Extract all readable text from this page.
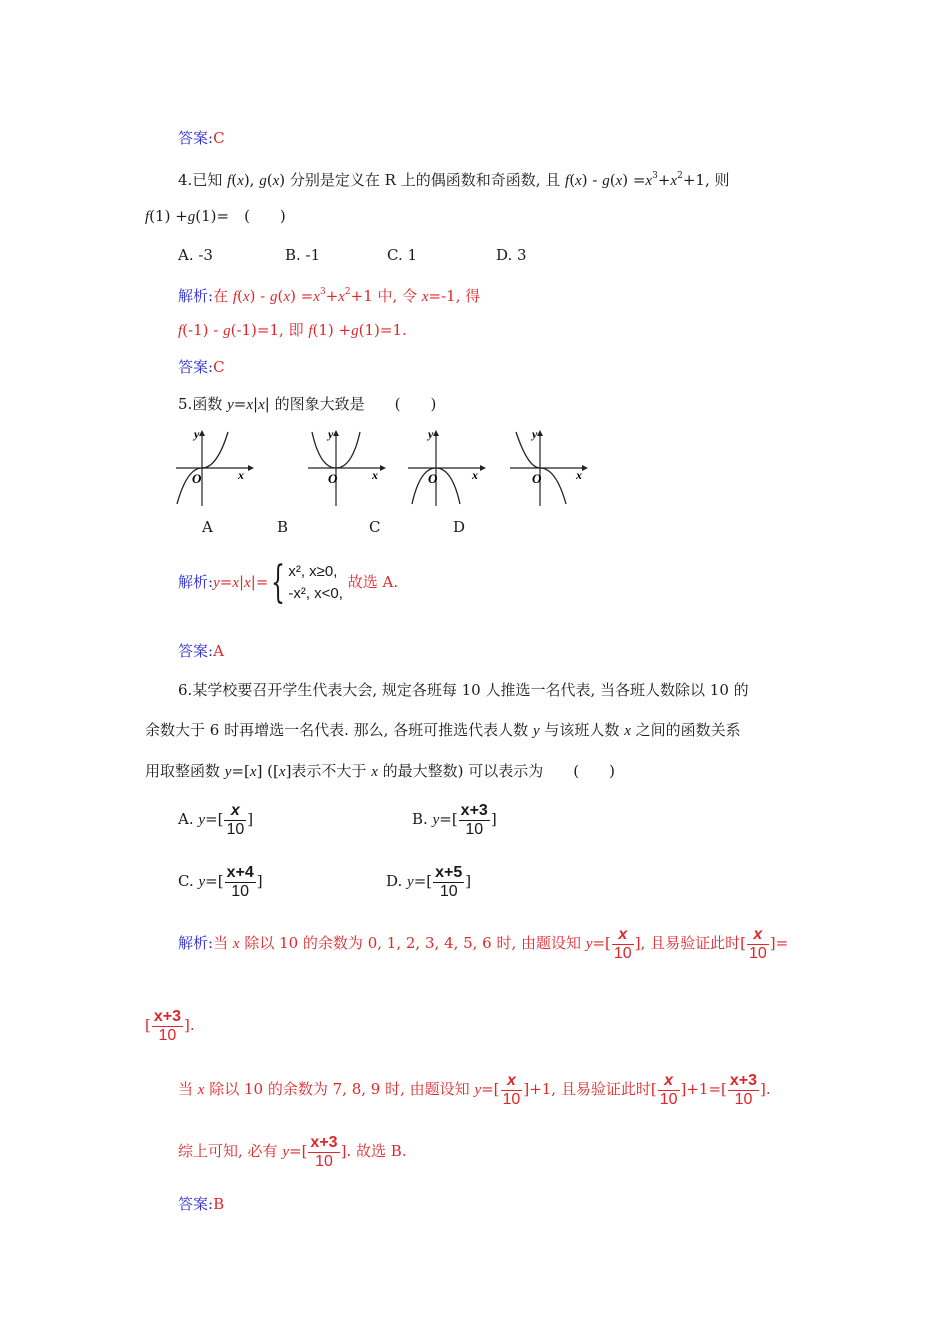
答案:C
4.已知 f(x), g(x) 分别是定义在 R 上的偶函数和奇函数, 且 $f(x) - g(x) =x^3+x^2+1$, 则
f(1) +g(1)=　(　　)
A. -3	B. -1	C. 1	D. 3
解析:在 $f(x) - g(x) =x^3+x^2+1$ 中, 令 x=-1, 得
f(-1) - g(-1)=1, 即 f(1) +g(1)=1.
答案:C
5.函数 y=x|x| 的图象大致是　　(　　)
y
x
O
y
x
O
y
x
O
y
x
O
A	B	C	D
解析:y=x|x|={ x², x≥0,
-x², x<0,
故选 A.
答案:A
6.某学校要召开学生代表大会, 规定各班每 10 人推选一名代表, 当各班人数除以 10 的
余数大于 6 时再增选一名代表. 那么, 各班可推选代表人数 y 与该班人数 x 之间的函数关系
用取整函数 y=[x] ([x]表示不大于 x 的最大整数) 可以表示为　　(　　)
A. $y=[ \frac{x}{10}$ ]	B. $y=[ \frac{x+3}{10}$ ]
C. $y=[ \frac{x+4}{10}$ ]	D. $y=[ \frac{x+5}{10}$ ]
解析:当 x 除以 10 的余数为 0, 1, 2, 3, 4, 5, 6 时, 由题设知 $y=[ \frac{x}{10}$ ], 且易验证此时[ $\frac{x}{10}$ ]=
[ $\frac{x+3}{10}$ ].
当 x 除以 10 的余数为 7, 8, 9 时, 由题设知 $y=[ \frac{x}{10} ]+1$, 且易验证此时[ $\frac{x}{10} ]+1=[ \frac{x+3}{10}$ ].
综上可知, 必有 $y=[ \frac{x+3}{10}$ ]. 故选 B.
答案:B
